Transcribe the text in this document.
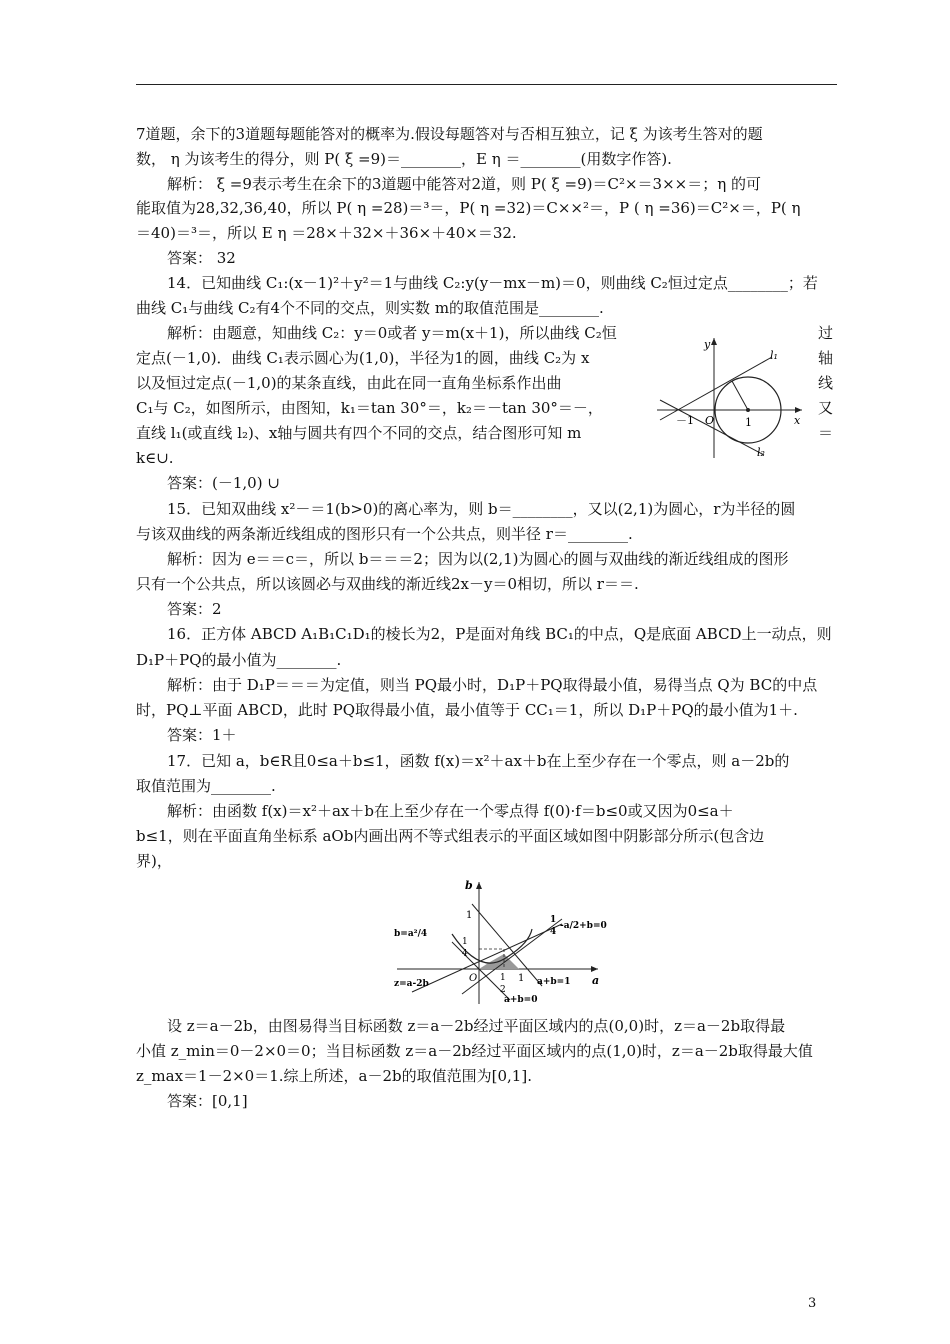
7道题，余下的3道题每题能答对的概率为.假设每题答对与否相互独立，记 ξ 为该考生答对的题
数， η 为该考生的得分，则 P( ξ =9)＝________，E η ＝________(用数字作答).
解析： ξ =9表示考生在余下的3道题中能答对2道，则 P( ξ =9)＝C²×＝3××＝；η 的可
能取值为28,32,36,40，所以 P( η =28)＝³＝，P( η =32)＝C××²＝，P ( η =36)＝C²×＝，P( η
＝40)＝³＝，所以 E η ＝28×＋32×＋36×＋40×＝32.
答案： 32
14．已知曲线 C₁:(x－1)²＋y²＝1与曲线 C₂:y(y－mx－m)＝0，则曲线 C₂恒过定点________；若
曲线 C₁与曲线 C₂有4个不同的交点，则实数 m的取值范围是________.
解析：由题意，知曲线 C₂：y＝0或者 y＝m(x＋1)，所以曲线 C₂恒
定点(－1,0)．曲线 C₁表示圆心为(1,0)，半径为1的圆，曲线 C₂为 x
以及恒过定点(－1,0)的某条直线，由此在同一直角坐标系作出曲
C₁与 C₂，如图所示，由图知，k₁＝tan 30°＝，k₂＝－tan 30°＝－，
直线 l₁(或直线 l₂)、x轴与圆共有四个不同的交点，结合图形可知 m
k∈∪.
答案：(－1,0) ∪
15．已知双曲线 x²－＝1(b>0)的离心率为，则 b＝________，又以(2,1)为圆心，r为半径的圆
与该双曲线的两条渐近线组成的图形只有一个公共点，则半径 r＝________.
解析：因为 e＝＝c＝，所以 b＝＝＝2；因为以(2,1)为圆心的圆与双曲线的渐近线组成的图形
只有一个公共点，所以该圆必与双曲线的渐近线2x－y＝0相切，所以 r＝＝.
答案：2
16．正方体 ABCD A₁B₁C₁D₁的棱长为2，P是面对角线 BC₁的中点，Q是底面 ABCD上一动点，则
D₁P＋PQ的最小值为________.
解析：由于 D₁P＝＝＝为定值，则当 PQ最小时，D₁P＋PQ取得最小值，易得当点 Q为 BC的中点
时，PQ⊥平面 ABCD，此时 PQ取得最小值，最小值等于 CC₁＝1，所以 D₁P＋PQ的最小值为1＋.
答案：1＋
17．已知 a，b∈R且0≤a＋b≤1，函数 f(x)＝x²＋ax＋b在上至少存在一个零点，则 a－2b的
取值范围为________.
解析：由函数 f(x)＝x²＋ax＋b在上至少存在一个零点得 f(0)·f＝b≤0或又因为0≤a＋
b≤1，则在平面直角坐标系 aOb内画出两不等式组表示的平面区域如图中阴影部分所示(包含边
界)，
设 z＝a－2b，由图易得当目标函数 z＝a－2b经过平面区域内的点(0,0)时，z＝a－2b取得最
小值 z_min＝0－2×0＝0；当目标函数 z＝a－2b经过平面区域内的点(1,0)时，z＝a－2b取得最大值
z_max＝1－2×0＝1.综上所述，a－2b的取值范围为[0,1].
答案：[0,1]
过
轴
线
又
＝
y
x
O
－1	1
l₁
l₂
b
a
O
1
1
1
4
1
2
b=a²/4
z=a-2b
1
4
-a/2+b=0
a+b=1
a+b=0
3
